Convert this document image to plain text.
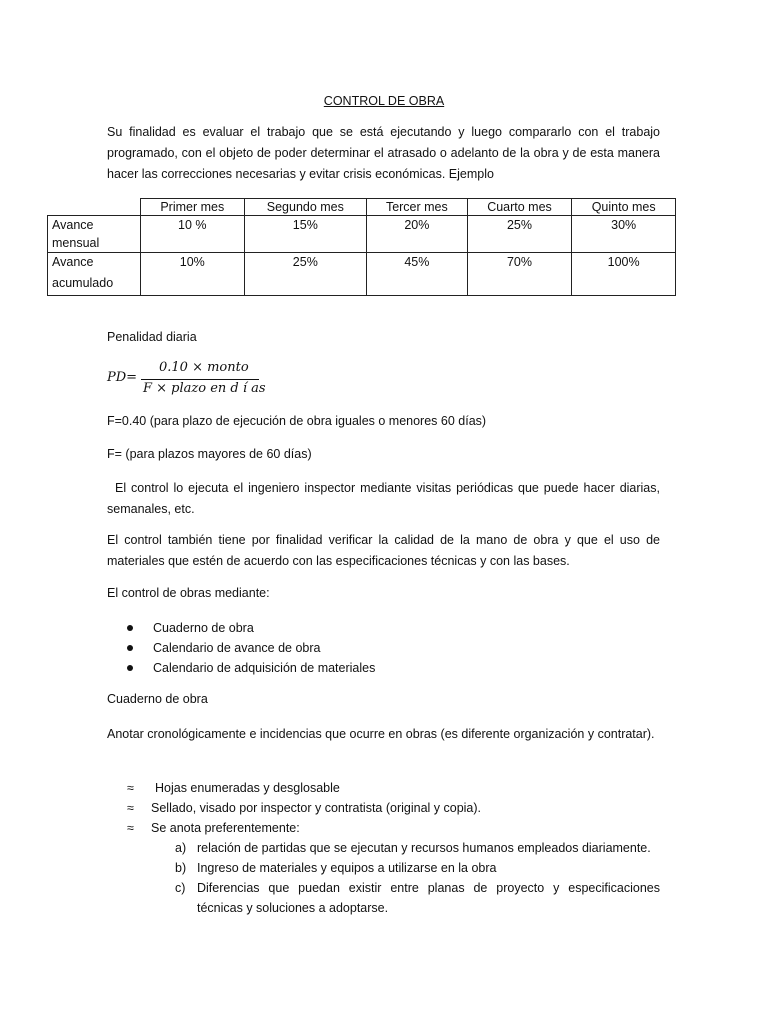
CONTROL DE OBRA

Su finalidad es evaluar el trabajo que se está ejecutando y luego compararlo con el trabajo programado, con el objeto de poder determinar el atrasado o adelanto de la obra y de esta manera hacer las correcciones necesarias y evitar crisis económicas. Ejemplo

	Primer mes	Segundo mes	Tercer mes	Cuarto mes	Quinto mes

Avance
mensual	10 %	15%	20%	25%	30%

Avance
acumulado	10%	25%	45%	70%	100%
Penalidad diaria
PD=
0.10 × monto
F × plazo en d í as
F=0.40 (para plazo de ejecución de obra iguales o menores 60 días)
F= (para plazos mayores de 60 días)

El control lo ejecuta el ingeniero inspector mediante visitas periódicas que puede hacer diarias, semanales, etc.

El control también tiene por finalidad verificar la calidad de la mano de obra y que el uso de materiales que estén de acuerdo con las especificaciones técnicas y con las bases.

El control de obras mediante:
Cuaderno de obra
Calendario de avance de obra
Calendario de adquisición de materiales
Cuaderno de obra

Anotar cronológicamente e incidencias que ocurre en obras (es diferente organización y contratar).

≈ Hojas enumeradas y desglosable
≈ Sellado, visado por inspector y contratista (original y copia).
≈ Se anota preferentemente:
a) relación de partidas que se ejecutan y recursos humanos empleados diariamente.
b) Ingreso de materiales y equipos a utilizarse en la obra
c) Diferencias que puedan existir entre planas de proyecto y especificaciones técnicas y soluciones a adoptarse.
